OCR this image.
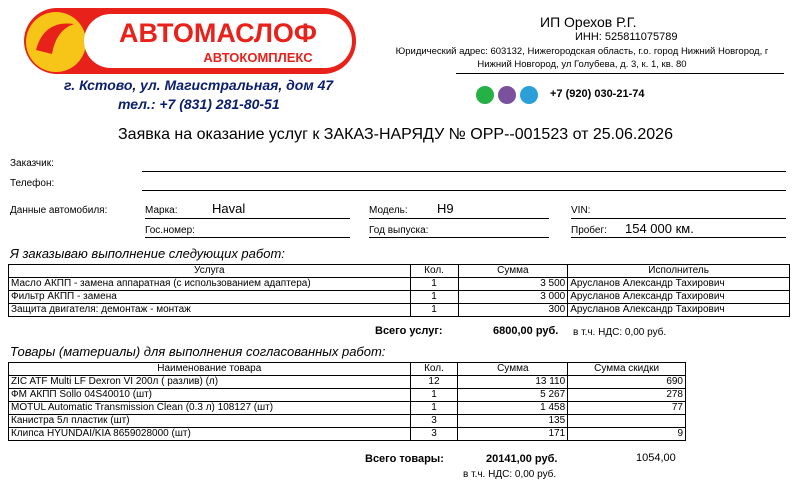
АВТОМАСЛОФ
АВТОКОМПЛЕКС
г. Кстово, ул. Магистральная, дом 47
тел.: +7 (831) 281-80-51
ИП Орехов Р.Г.
ИНН: 525811075789
Юридический адрес: 603132, Нижегородская область, г.о. город Нижний Новгород, г Нижний Новгород, ул Голубева, д. 3, к. 1, кв. 80
+7 (920) 030-21-74
Заявка на оказание услуг к ЗАКАЗ-НАРЯДУ № ОРР--001523 от 25.06.2026
Заказчик:
Телефон:
Данные автомобиля:	Марка:	Haval	Модель: H9	VIN:
Гос.номер:	Год выпуска:	Пробег: 154 000 км.
Я заказываю выполнение следующих работ:
Услуга	Кол.	Сумма	Исполнитель
Масло АКПП - замена аппаратная (с использованием адаптера)	1	3 500	Арусланов Александр Тахирович
Фильтр АКПП - замена	1	3 000	Арусланов Александр Тахирович
Защита двигателя: демонтаж - монтаж	1	300	Арусланов Александр Тахирович
Всего услуг:	6800,00 руб. в т.ч. НДС: 0,00 руб.
Товары (материалы) для выполнения согласованных работ:
Наименование товара	Кол.	Сумма	Сумма скидки
ZIC ATF Multi LF Dexron VI 200л ( разлив) (л)	12	13 110	690
ФМ АКПП Sollo 04S40010 (шт)	1	5 267	278
MOTUL Automatic Transmission Clean (0.3 л) 108127 (шт)	1	1 458	77
Канистра 5л пластик (шт)	3	135	
Клипса HYUNDAI/KIA 8659028000 (шт)	3	171	9
Всего товары:	20141,00 руб.	1054,00
в т.ч. НДС: 0,00 руб.
